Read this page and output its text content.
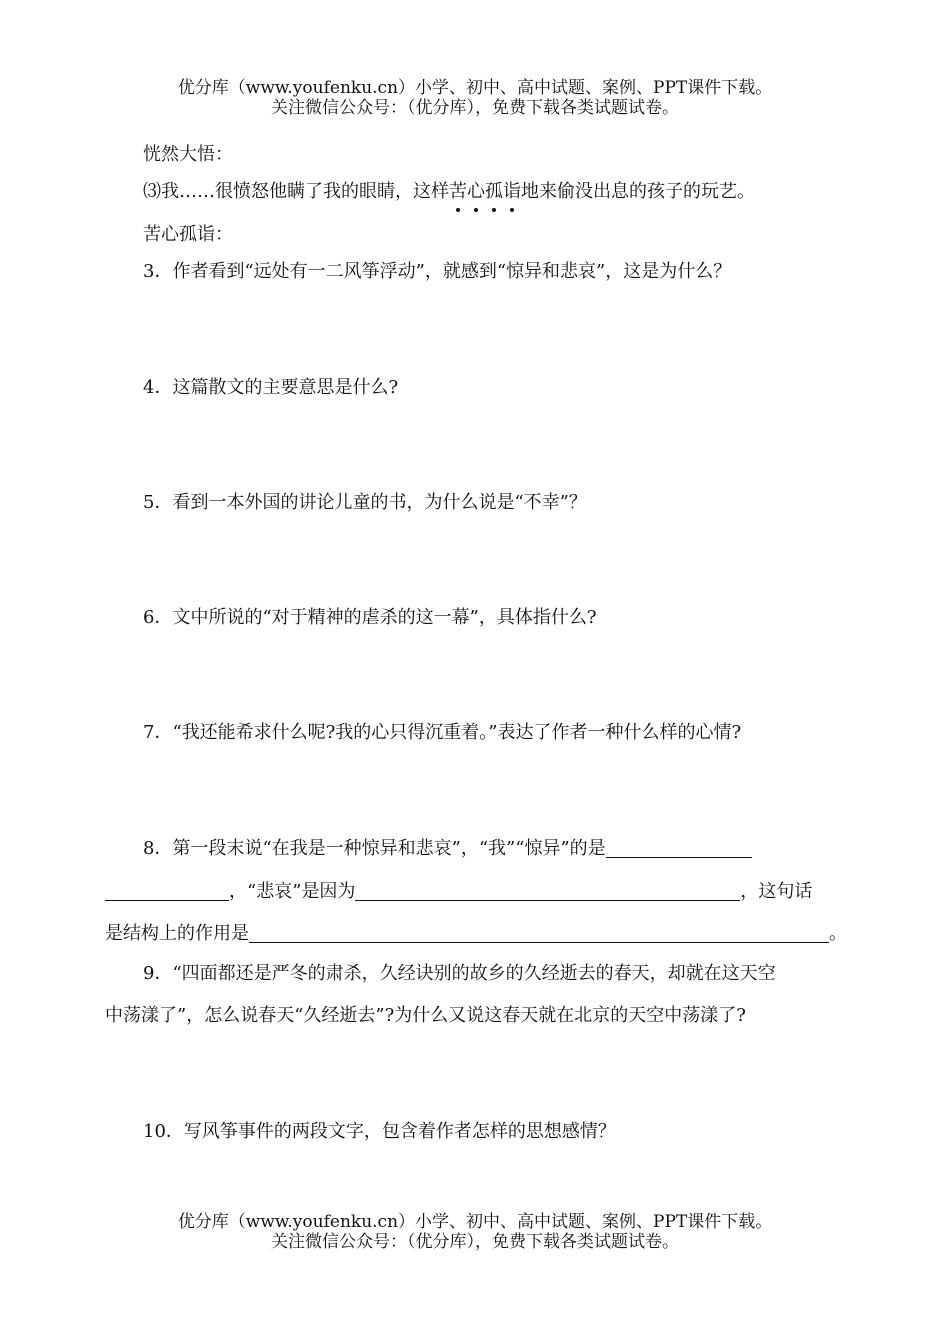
优分库（www.youfenku.cn）小学、初中、高中试题、案例、PPT课件下载。
关注微信公众号：（优分库），免费下载各类试题试卷。
恍然大悟：
⑶我……很愤怒他瞒了我的眼睛，这样苦心孤诣地来偷没出息的孩子的玩艺。
苦心孤诣：
3．作者看到“远处有一二风筝浮动”，就感到“惊异和悲哀”，这是为什么？
4．这篇散文的主要意思是什么?
5．看到一本外国的讲论儿童的书，为什么说是“不幸”？
6．文中所说的“对于精神的虐杀的这一幕”，具体指什么?
7．“我还能希求什么呢?我的心只得沉重着。”表达了作者一种什么样的心情?
8．第一段末说“在我是一种惊异和悲哀”，“我”“惊异”的是
，“悲哀”是因为	，这句话
是结构上的作用是	。
9．“四面都还是严冬的肃杀，久经诀别的故乡的久经逝去的春天，却就在这天空
中荡漾了”，怎么说春天“久经逝去”?为什么又说这春天就在北京的天空中荡漾了?
10．写风筝事件的两段文字，包含着作者怎样的思想感情？
优分库（www.youfenku.cn）小学、初中、高中试题、案例、PPT课件下载。
关注微信公众号：（优分库），免费下载各类试题试卷。
